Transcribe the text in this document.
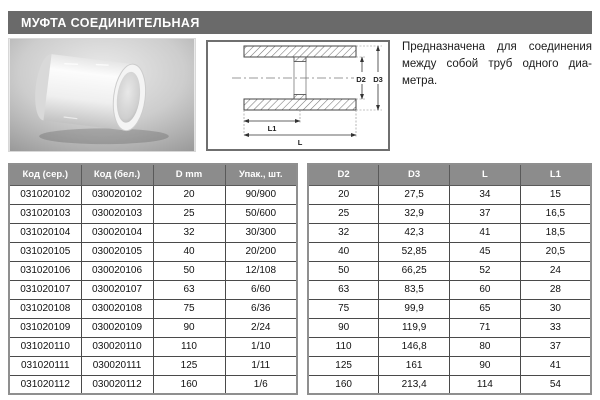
МУФТА СОЕДИНИТЕЛЬНАЯ
D2 D3
L1
L
Предназначена для соединения
между собой труб одного диа-
метра.
Код (сер.)	Код (бел.)	D mm	Упак., шт.
031020102	030020102	20	90/900
031020103	030020103	25	50/600
031020104	030020104	32	30/300
031020105	030020105	40	20/200
031020106	030020106	50	12/108
031020107	030020107	63	6/60
031020108	030020108	75	6/36
031020109	030020109	90	2/24
031020110	030020110	110	1/10
031020111	030020111	125	1/11
031020112	030020112	160	1/6
D2	D3	L	L1
20	27,5	34	15
25	32,9	37	16,5
32	42,3	41	18,5
40	52,85	45	20,5
50	66,25	52	24
63	83,5	60	28
75	99,9	65	30
90	119,9	71	33
110	146,8	80	37
125	161	90	41
160	213,4	114	54
